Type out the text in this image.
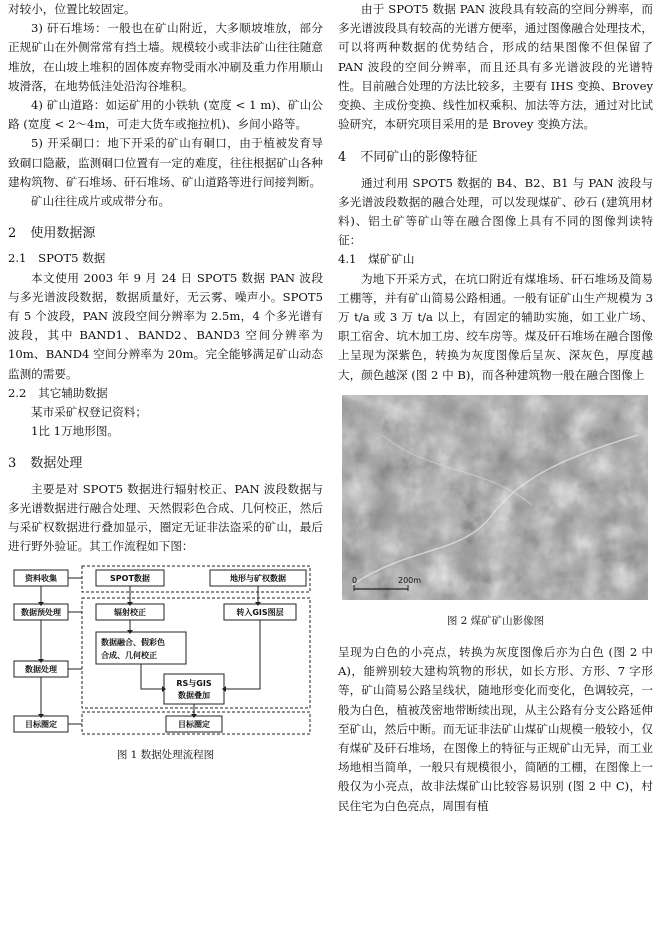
对较小，位置比较固定。

3) 矸石堆场：一般也在矿山附近，大多顺坡堆放，部分正规矿山在外侧常常有挡土墙。规模较小或非法矿山往往随意堆放，在山坡上堆积的固体废弃物受雨水冲刷及重力作用顺山坡滑落，在地势低洼处沿沟谷堆积。

4) 矿山道路：如运矿用的小铁轨 (宽度 < 1 m)、矿山公路 (宽度 < 2～4m，可走大货车或拖拉机)、乡间小路等。

5) 开采硐口：地下开采的矿山有硐口，由于植被发育导致硐口隐蔽，监测硐口位置有一定的难度，往往根据矿山各种建构筑物、矿石堆场、矸石堆场、矿山道路等进行间接判断。

矿山往往成片或成带分布。

2 使用数据源
2.1 SPOT5 数据

本文使用 2003 年 9 月 24 日 SPOT5 数据 PAN 波段与多光谱波段数据，数据质量好，无云雾、噪声小。SPOT5 有 5 个波段，PAN 波段空间分辨率为 2.5m，4 个多光谱有波段，其中 BAND1、BAND2、BAND3 空间分辨率为 10m、BAND4 空间分辨率为 20m。完全能够满足矿山动态监测的需要。

2.2 其它辅助数据

某市采矿权登记资料；

1比 1万地形图。

3 数据处理

主要是对 SPOT5 数据进行辐射校正、PAN 波段数据与多光谱数据进行融合处理、天然假彩色合成、几何校正，然后与采矿权数据进行叠加显示，圈定无证非法盗采的矿山，最后进行野外验证。其工作流程如下图：

资料收集
数据预处理
数据处理
目标圈定
SPOT数据	地形与矿权数据
辐射校正	转入GIS图层
数据融合、假彩色
合成、几何校正
RS与GIS
数据叠加
目标圈定
图 1 数据处理流程图

由于 SPOT5 数据 PAN 波段具有较高的空间分辨率，而多光谱波段具有较高的光谱方便率，通过图像融合处理技术，可以将两种数据的优势结合，形成的结果图像不但保留了 PAN 波段的空间分辨率，而且还具有多光谱波段的光谱特性。目前融合处理的方法比较多，主要有 IHS 变换、Brovey 变换、主成份变换、线性加权乘积、加法等方法，通过对比试验研究，本研究项目采用的是 Brovey 变换方法。

4 不同矿山的影像特征

通过利用 SPOT5 数据的 B4、B2、B1 与 PAN 波段与多光谱波段数据的融合处理，可以发现煤矿、砂石 (建筑用材料)、铝土矿等矿山等在融合图像上具有不同的图像判读特征：

4.1 煤矿矿山

为地下开采方式，在坑口附近有煤堆场、矸石堆场及简易工棚等，并有矿山简易公路相通。一般有证矿山生产规模为 3 万 t/a 或 3 万 t/a 以上，有固定的辅助实施，如工业广场、职工宿舍、坑木加工房、绞车房等。煤及矸石堆场在融合图像上呈现为深紫色，转换为灰度图像后呈灰、深灰色，厚度越大，颜色越深 (图 2 中 B)，而各种建筑物一般在融合图像上

0	200m
图 2 煤矿矿山影像图

呈现为白色的小亮点，转换为灰度图像后亦为白色 (图 2 中 A)，能辨别较大建构筑物的形状，如长方形、方形、7 字形等，矿山简易公路呈线状，随地形变化而变化，色调较亮，一般为白色，植被茂密地带断续出现，从主公路有分支公路延伸至矿山，然后中断。而无证非法矿山煤矿山规模一般较小，仅有煤矿及矸石堆场，在图像上的特征与正规矿山无异，而工业场地相当简单，一般只有规模很小，简陋的工棚，在图像上一般仅为小亮点，故非法煤矿山比较容易识别 (图 2 中 C)，村民住宅为白色亮点，周围有植
